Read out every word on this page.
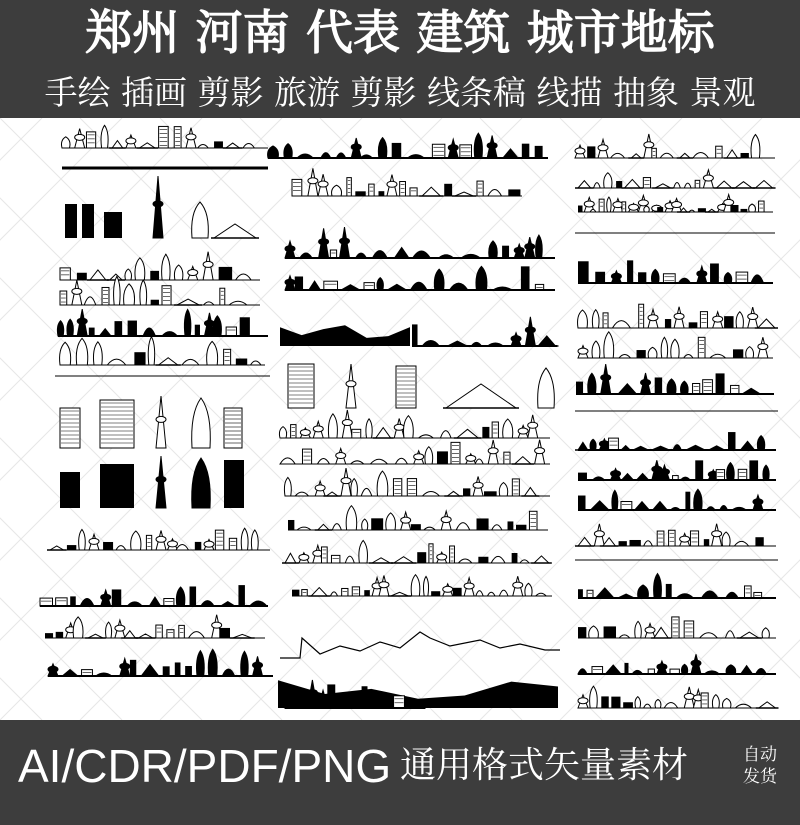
郑州 河南 代表 建筑 城市地标
手绘 插画 剪影 旅游 剪影 线条稿 线描 抽象 景观
AI/CDR/PDF/PNG 通用格式矢量素材	自动
发货
